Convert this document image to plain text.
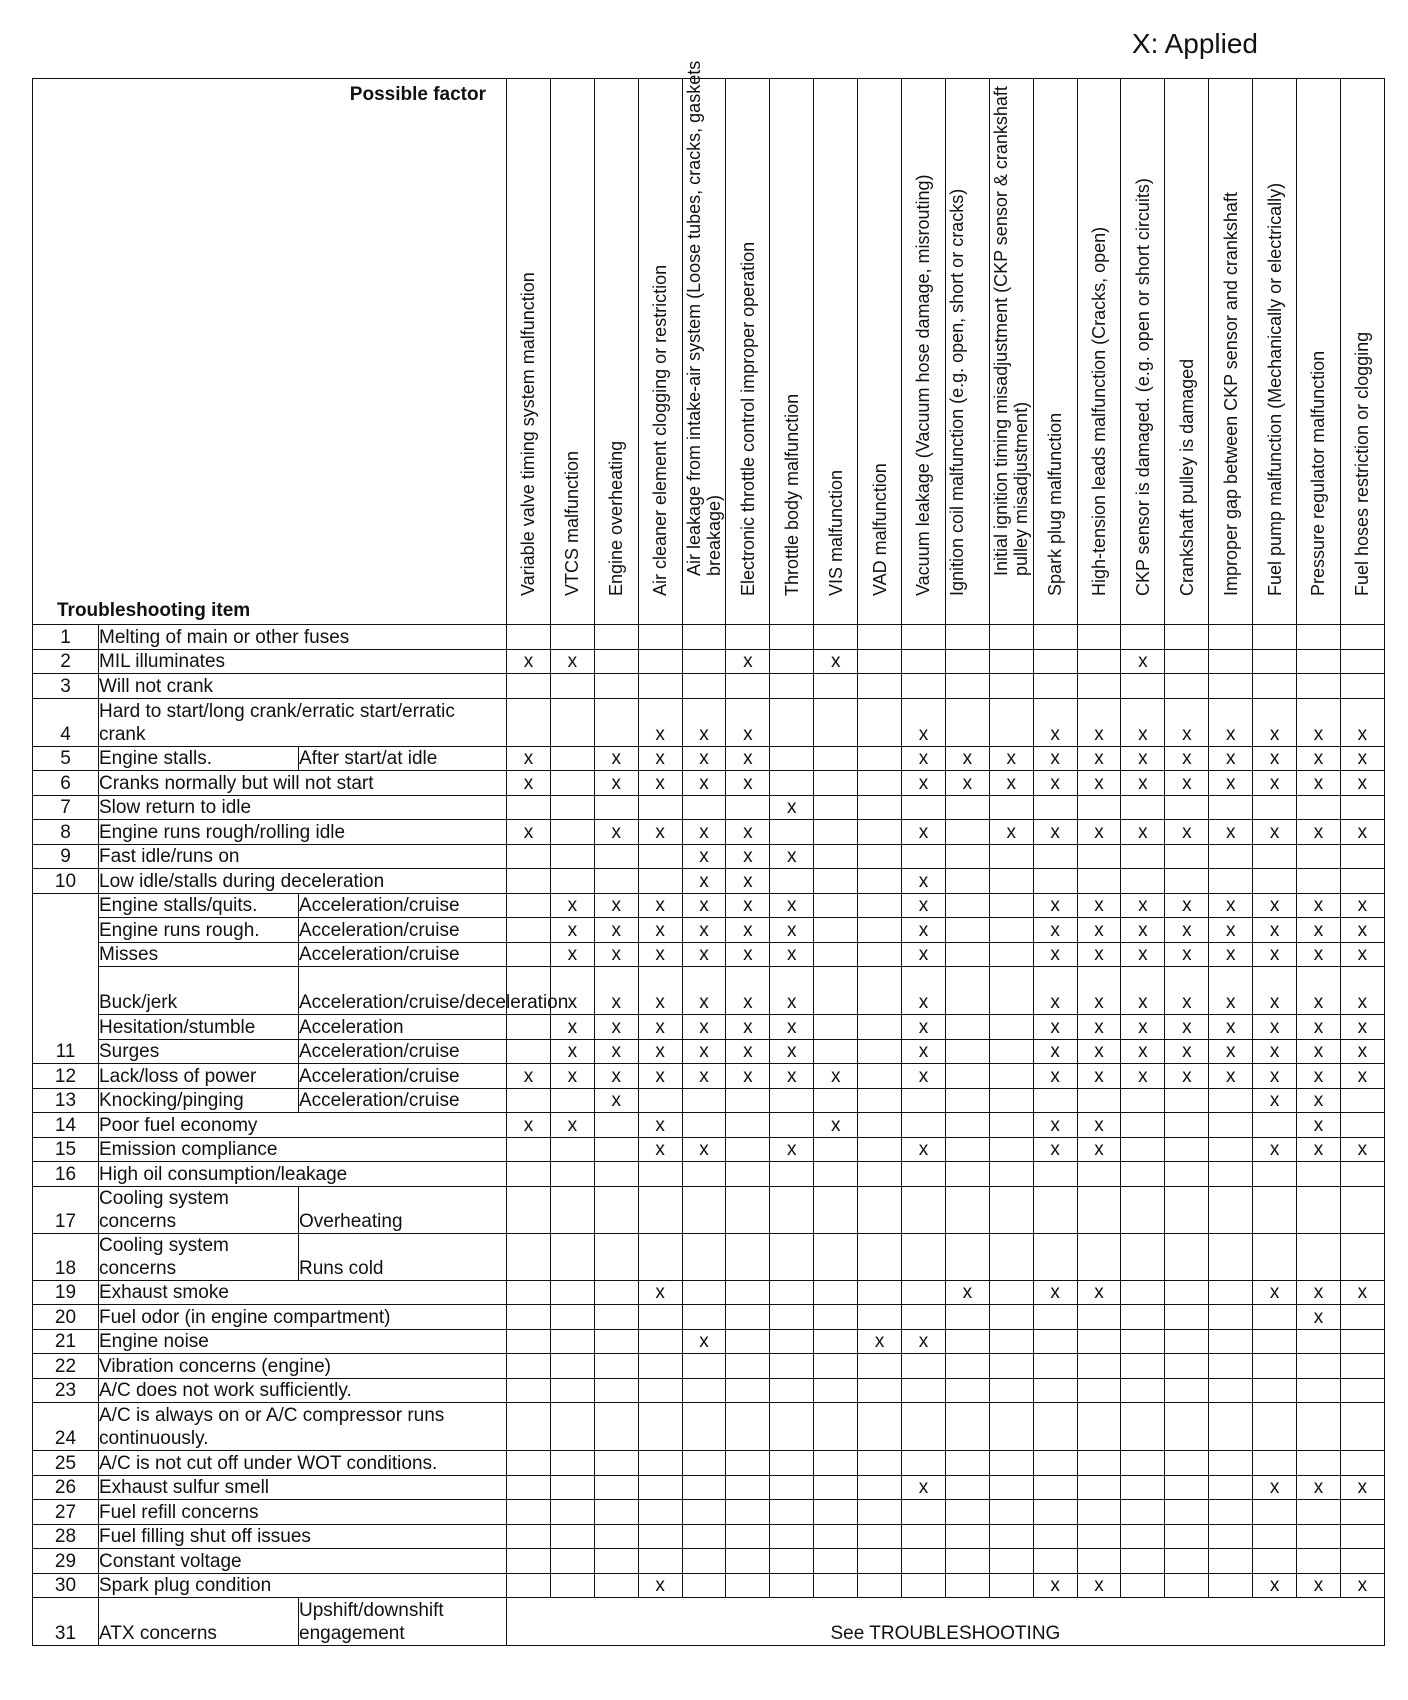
X: Applied
Possible factor
Troubleshooting item			Variable valve timing system malfunction	VTCS malfunction	Engine overheating	Air cleaner element clogging or restriction	Air leakage from intake-air system (Loose tubes, cracks, gaskets breakage)	Electronic throttle control improper operation	Throttle body malfunction	VIS malfunction	VAD malfunction	Vacuum leakage (Vacuum hose damage, misrouting)	Ignition coil malfunction (e.g. open, short or cracks)	Initial ignition timing misadjustment (CKP sensor & crankshaft pulley misadjustment)	Spark plug malfunction	High-tension leads malfunction (Cracks, open)	CKP sensor is damaged. (e.g. open or short circuits)	Crankshaft pulley is damaged	Improper gap between CKP sensor and crankshaft	Fuel pump malfunction (Mechanically or electrically)	Pressure regulator malfunction	Fuel hoses restriction or clogging

1	Melting of main or other fuses																					
2	MIL illuminates		x	x				x		x							x					
3	Will not crank																					
4	Hard to start/long crank/erratic start/erratic crank					x	x	x				x			x	x	x	x	x	x	x	x
5	Engine stalls.	After start/at idle	x		x	x	x	x				x	x	x	x	x	x	x	x	x	x	x
6	Cranks normally but will not start		x		x	x	x	x				x	x	x	x	x	x	x	x	x	x	x
7	Slow return to idle								x													
8	Engine runs rough/rolling idle		x		x	x	x	x				x		x	x	x	x	x	x	x	x	x
9	Fast idle/runs on						x	x	x													
10	Low idle/stalls during deceleration						x	x				x										
11	Engine stalls/quits.	Acceleration/cruise		x	x	x	x	x	x			x			x	x	x	x	x	x	x	x
	Engine runs rough.	Acceleration/cruise		x	x	x	x	x	x			x			x	x	x	x	x	x	x	x
	Misses	Acceleration/cruise		x	x	x	x	x	x			x			x	x	x	x	x	x	x	x
	Buck/jerk	Acceleration/cruise/deceleration		x	x	x	x	x	x			x			x	x	x	x	x	x	x	x
	Hesitation/stumble	Acceleration		x	x	x	x	x	x			x			x	x	x	x	x	x	x	x
	Surges	Acceleration/cruise		x	x	x	x	x	x			x			x	x	x	x	x	x	x	x
12	Lack/loss of power	Acceleration/cruise	x	x	x	x	x	x	x	x		x			x	x	x	x	x	x	x	x
13	Knocking/pinging	Acceleration/cruise			x															x	x	
14	Poor fuel economy		x	x		x				x					x	x					x	
15	Emission compliance					x	x		x			x			x	x				x	x	x
16	High oil consumption/leakage																					
17	Cooling system concerns	Overheating																				
18	Cooling system concerns	Runs cold																				
19	Exhaust smoke					x							x		x	x				x	x	x
20	Fuel odor (in engine compartment)																				x	
21	Engine noise						x				x	x										
22	Vibration concerns (engine)																					
23	A/C does not work sufficiently.																					
24	A/C is always on or A/C compressor runs continuously.																					
25	A/C is not cut off under WOT conditions.																					
26	Exhaust sulfur smell											x								x	x	x
27	Fuel refill concerns																					
28	Fuel filling shut off issues																					
29	Constant voltage																					
30	Spark plug condition					x									x	x				x	x	x
31	ATX concerns	Upshift/downshift engagement	See TROUBLESHOOTING																			
